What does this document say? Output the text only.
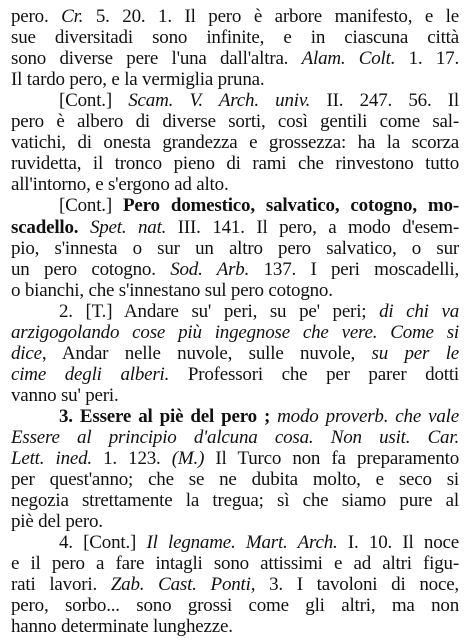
pero. Cr. 5. 20. 1. Il pero è arbore manifesto, e le
sue diversitadi sono infinite, e in ciascuna città
sono diverse pere l'una dall'altra. Alam. Colt. 1. 17.
Il tardo pero, e la vermiglia pruna.
[Cont.] Scam. V. Arch. univ. II. 247. 56. Il
pero è albero di diverse sorti, così gentili come sal-
vatichi, di onesta grandezza e grossezza: ha la scorza
ruvidetta, il tronco pieno di rami che rinvestono tutto
all'intorno, e s'ergono ad alto.
[Cont.] Pero domestico, salvatico, cotogno, mo-
scadello. Spet. nat. III. 141. Il pero, a modo d'esem-
pio, s'innesta o sur un altro pero salvatico, o sur
un pero cotogno. Sod. Arb. 137. I peri moscadelli,
o bianchi, che s'innestano sul pero cotogno.
2. [T.] Andare su' peri, su pe' peri; di chi va
arzigogolando cose più ingegnose che vere. Come si
dice, Andar nelle nuvole, sulle nuvole, su per le
cime degli alberi. Professori che per parer dotti
vanno su' peri.
3. Essere al piè del pero ; modo proverb. che vale
Essere al principio d'alcuna cosa. Non usit. Car.
Lett. ined. 1. 123. (M.) Il Turco non fa preparamento
per quest'anno; che se ne dubita molto, e seco si
negozia strettamente la tregua; sì che siamo pure al
piè del pero.
4. [Cont.] Il legname. Mart. Arch. I. 10. Il noce
e il pero a fare intagli sono attissimi e ad altri figu-
rati lavori. Zab. Cast. Ponti, 3. I tavoloni di noce,
pero, sorbo... sono grossi come gli altri, ma non
hanno determinate lunghezze.
